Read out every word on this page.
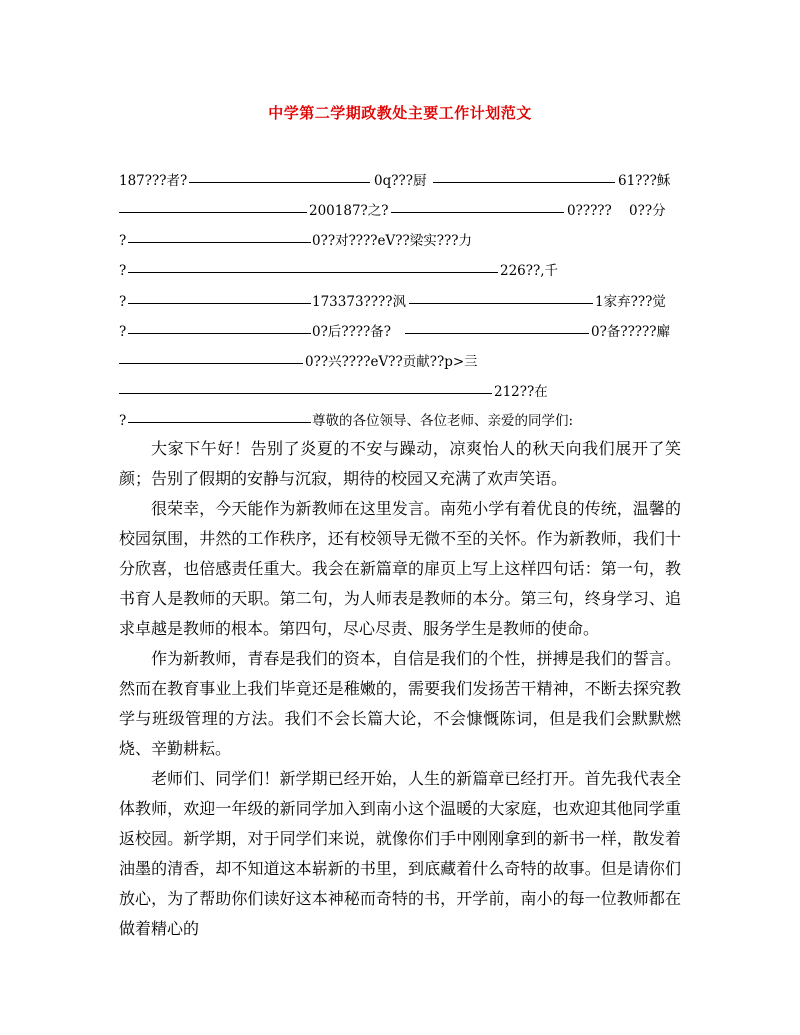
中学第二学期政教处主要工作计划范文
187???者?	0q???厨	61???稣
200187?之?	0????? 0??分
?	0??对????eV??梁实???力
?	226??,千
?	173373????沨	1家弃???觉
?	0?后????备?	0?备?????廨
0??兴????eV??贡献??p>亖
212??在
?	尊敬的各位领导、各位老师、亲爱的同学们:

大家下午好！告别了炎夏的不安与躁动，凉爽怡人的秋天向我们展开了笑颜；告别了假期的安静与沉寂，期待的校园又充满了欢声笑语。

很荣幸，今天能作为新教师在这里发言。南苑小学有着优良的传统，温馨的校园氛围，井然的工作秩序，还有校领导无微不至的关怀。作为新教师，我们十分欣喜，也倍感责任重大。我会在新篇章的扉页上写上这样四句话：第一句，教书育人是教师的天职。第二句，为人师表是教师的本分。第三句，终身学习、追求卓越是教师的根本。第四句，尽心尽责、服务学生是教师的使命。

作为新教师，青春是我们的资本，自信是我们的个性，拼搏是我们的誓言。然而在教育事业上我们毕竟还是稚嫩的，需要我们发扬苦干精神，不断去探究教学与班级管理的方法。我们不会长篇大论，不会慷慨陈词，但是我们会默默燃烧、辛勤耕耘。

老师们、同学们！新学期已经开始，人生的新篇章已经打开。首先我代表全体教师，欢迎一年级的新同学加入到南小这个温暖的大家庭，也欢迎其他同学重返校园。新学期，对于同学们来说，就像你们手中刚刚拿到的新书一样，散发着油墨的清香，却不知道这本崭新的书里，到底藏着什么奇特的故事。但是请你们放心，为了帮助你们读好这本神秘而奇特的书，开学前，南小的每一位教师都在做着精心的
